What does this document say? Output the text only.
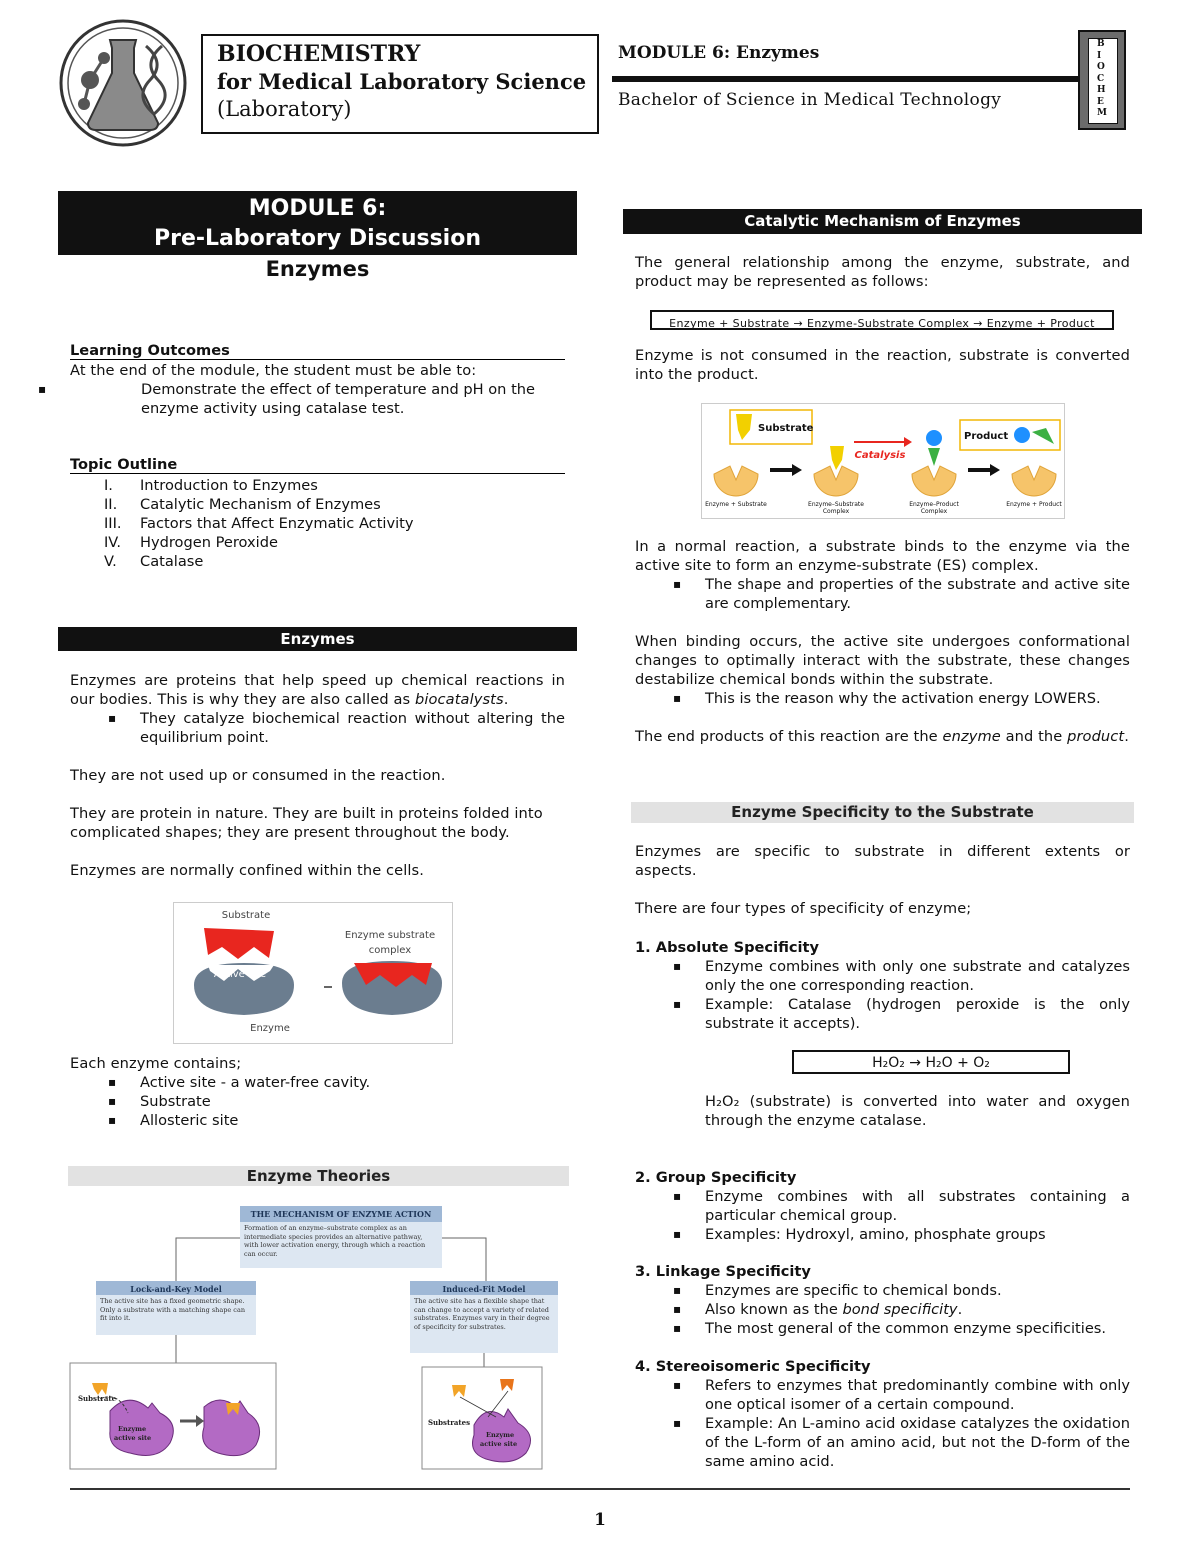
BIOCHEMISTRY
for Medical Laboratory Science
(Laboratory)
MODULE 6: Enzymes
Bachelor of Science in Medical Technology
BIOCHEM
MODULE 6:
Pre-Laboratory Discussion
Enzymes
Learning Outcomes
At the end of the module, the student must be able to:
▪ Demonstrate the effect of temperature and pH on the enzyme activity using catalase test.
Topic Outline
I.	Introduction to Enzymes
II.	Catalytic Mechanism of Enzymes
III.	Factors that Affect Enzymatic Activity
IV.	Hydrogen Peroxide
V.	Catalase
Enzymes
Enzymes are proteins that help speed up chemical reactions in our bodies. This is why they are also called as biocatalysts.
▪ They catalyze biochemical reaction without altering the equilibrium point.
They are not used up or consumed in the reaction.
They are protein in nature. They are built in proteins folded into complicated shapes; they are present throughout the body.
Enzymes are normally confined within the cells.
Substrate
Active site
Enzyme
Enzyme substrate
complex
Each enzyme contains;
▪ Active site - a water-free cavity.
▪ Substrate
▪ Allosteric site
Enzyme Theories
THE MECHANISM OF ENZYME ACTION
Formation of an enzyme–substrate complex as an intermediate species provides an alternative pathway, with lower activation energy, through which a reaction can occur.
Lock-and-Key Model
The active site has a fixed geometric shape. Only a substrate with a matching shape can fit into it.
Induced-Fit Model
The active site has a flexible shape that can change to accept a variety of related substrates. Enzymes vary in their degree of specificity for substrates.
Substrate
Enzyme
active site
Substrates
Enzyme
active site
Catalytic Mechanism of Enzymes
The general relationship among the enzyme, substrate, and product may be represented as follows:
Enzyme + Substrate → Enzyme-Substrate Complex → Enzyme + Product
Enzyme is not consumed in the reaction, substrate is converted into the product.
Substrate
Product
Catalysis
Enzyme + Substrate	Enzyme–Substrate
Complex
Enzyme–Product
Complex
Enzyme + Product
In a normal reaction, a substrate binds to the enzyme via the active site to form an enzyme-substrate (ES) complex.
▪ The shape and properties of the substrate and active site are complementary.
When binding occurs, the active site undergoes conformational changes to optimally interact with the substrate, these changes destabilize chemical bonds within the substrate.
▪ This is the reason why the activation energy LOWERS.
The end products of this reaction are the enzyme and the product.
Enzyme Specificity to the Substrate
Enzymes are specific to substrate in different extents or aspects.
There are four types of specificity of enzyme;
1. Absolute Specificity
▪ Enzyme combines with only one substrate and catalyzes only the one corresponding reaction.
▪ Example: Catalase (hydrogen peroxide is the only substrate it accepts).
H₂O₂ → H₂O + O₂
H₂O₂ (substrate) is converted into water and oxygen through the enzyme catalase.
2. Group Specificity
▪ Enzyme combines with all substrates containing a particular chemical group.
▪ Examples: Hydroxyl, amino, phosphate groups
3. Linkage Specificity
▪ Enzymes are specific to chemical bonds.
▪ Also known as the bond specificity.
▪ The most general of the common enzyme specificities.
4. Stereoisomeric Specificity
▪ Refers to enzymes that predominantly combine with only one optical isomer of a certain compound.
▪ Example: An L-amino acid oxidase catalyzes the oxidation of the L-form of an amino acid, but not the D-form of the same amino acid.
1
